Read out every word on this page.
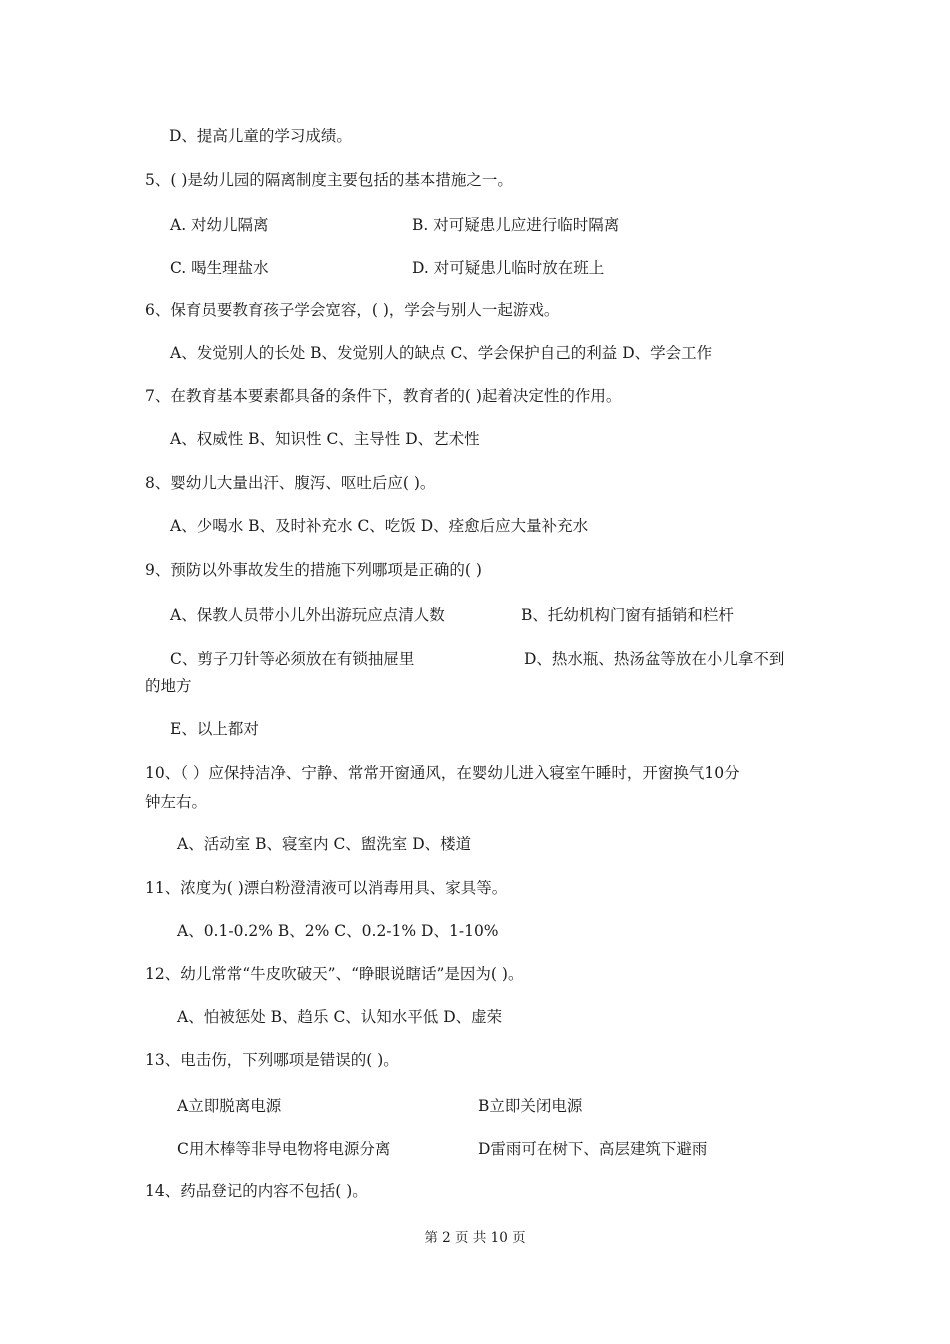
D、提高儿童的学习成绩。
5、( )是幼儿园的隔离制度主要包括的基本措施之一。
A. 对幼儿隔离	B. 对可疑患儿应进行临时隔离
C. 喝生理盐水	D. 对可疑患儿临时放在班上
6、保育员要教育孩子学会宽容，( )，学会与别人一起游戏。
A、发觉别人的长处 B、发觉别人的缺点 C、学会保护自己的利益 D、学会工作
7、在教育基本要素都具备的条件下，教育者的( )起着决定性的作用。
A、权威性 B、知识性 C、主导性 D、艺术性
8、婴幼儿大量出汗、腹泻、呕吐后应( )。
A、少喝水 B、及时补充水 C、吃饭 D、痊愈后应大量补充水
9、预防以外事故发生的措施下列哪项是正确的( )
A、保教人员带小儿外出游玩应点清人数	B、托幼机构门窗有插销和栏杆
C、剪子刀针等必须放在有锁抽屉里	D、热水瓶、热汤盆等放在小儿拿不到
的地方
E、以上都对
10、（ ）应保持洁净、宁静、常常开窗通风，在婴幼儿进入寝室午睡时，开窗换气10分
钟左右。
A、活动室 B、寝室内 C、盥洗室 D、楼道
11、浓度为( )漂白粉澄清液可以消毒用具、家具等。
A、0.1-0.2% B、2% C、0.2-1% D、1-10%
12、幼儿常常“牛皮吹破天”、“睁眼说瞎话”是因为( )。
A、怕被惩处 B、趋乐 C、认知水平低 D、虚荣
13、电击伤，下列哪项是错误的( )。
A立即脱离电源	B立即关闭电源
C用木棒等非导电物将电源分离	D雷雨可在树下、高层建筑下避雨
14、药品登记的内容不包括( )。
第 2 页 共 10 页
